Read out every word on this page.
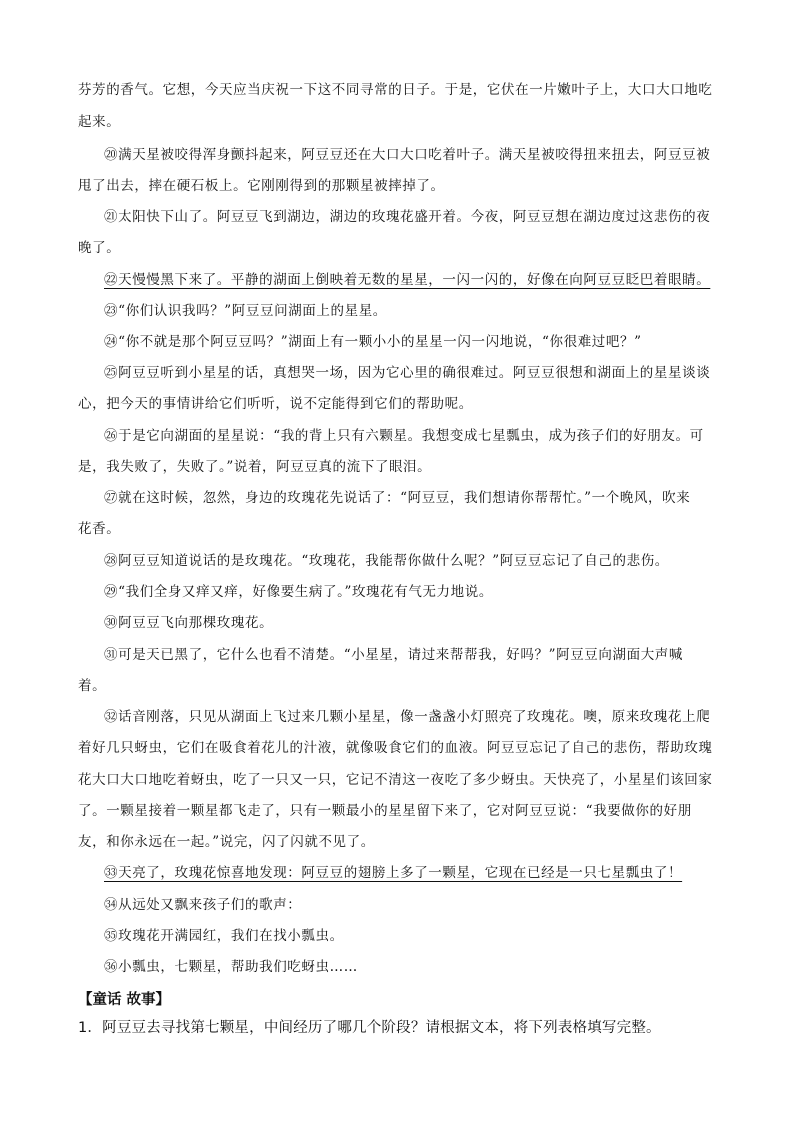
芬芳的香气。它想，今天应当庆祝一下这不同寻常的日子。于是，它伏在一片嫩叶子上，大口大口地吃
起来。
⑳满天星被咬得浑身颤抖起来，阿豆豆还在大口大口吃着叶子。满天星被咬得扭来扭去，阿豆豆被
甩了出去，摔在硬石板上。它刚刚得到的那颗星被摔掉了。
㉑太阳快下山了。阿豆豆飞到湖边，湖边的玫瑰花盛开着。今夜，阿豆豆想在湖边度过这悲伤的夜
晚了。
㉒天慢慢黑下来了。平静的湖面上倒映着无数的星星，一闪一闪的，好像在向阿豆豆眨巴着眼睛。
㉓“你们认识我吗？”阿豆豆问湖面上的星星。
㉔“你不就是那个阿豆豆吗？”湖面上有一颗小小的星星一闪一闪地说，“你很难过吧？”
㉕阿豆豆听到小星星的话，真想哭一场，因为它心里的确很难过。阿豆豆很想和湖面上的星星谈谈
心，把今天的事情讲给它们听听，说不定能得到它们的帮助呢。
㉖于是它向湖面的星星说：“我的背上只有六颗星。我想变成七星瓢虫，成为孩子们的好朋友。可
是，我失败了，失败了。”说着，阿豆豆真的流下了眼泪。
㉗就在这时候，忽然，身边的玫瑰花先说话了：“阿豆豆，我们想请你帮帮忙。”一个晚风，吹来
花香。
㉘阿豆豆知道说话的是玫瑰花。“玫瑰花，我能帮你做什么呢？”阿豆豆忘记了自己的悲伤。
㉙“我们全身又痒又痒，好像要生病了。”玫瑰花有气无力地说。
㉚阿豆豆飞向那棵玫瑰花。
㉛可是天已黑了，它什么也看不清楚。“小星星，请过来帮帮我，好吗？”阿豆豆向湖面大声喊
着。
㉜话音刚落，只见从湖面上飞过来几颗小星星，像一盏盏小灯照亮了玫瑰花。噢，原来玫瑰花上爬
着好几只蚜虫，它们在吸食着花儿的汁液，就像吸食它们的血液。阿豆豆忘记了自己的悲伤，帮助玫瑰
花大口大口地吃着蚜虫，吃了一只又一只，它记不清这一夜吃了多少蚜虫。天快亮了，小星星们该回家
了。一颗星接着一颗星都飞走了，只有一颗最小的星星留下来了，它对阿豆豆说：“我要做你的好朋
友，和你永远在一起。”说完，闪了闪就不见了。
㉝天亮了，玫瑰花惊喜地发现：阿豆豆的翅膀上多了一颗星，它现在已经是一只七星瓢虫了！
㉞从远处又飘来孩子们的歌声：
㉟玫瑰花开满园红，我们在找小瓢虫。
㊱小瓢虫，七颗星，帮助我们吃蚜虫……
【童话 故事】
1．阿豆豆去寻找第七颗星，中间经历了哪几个阶段？请根据文本，将下列表格填写完整。
